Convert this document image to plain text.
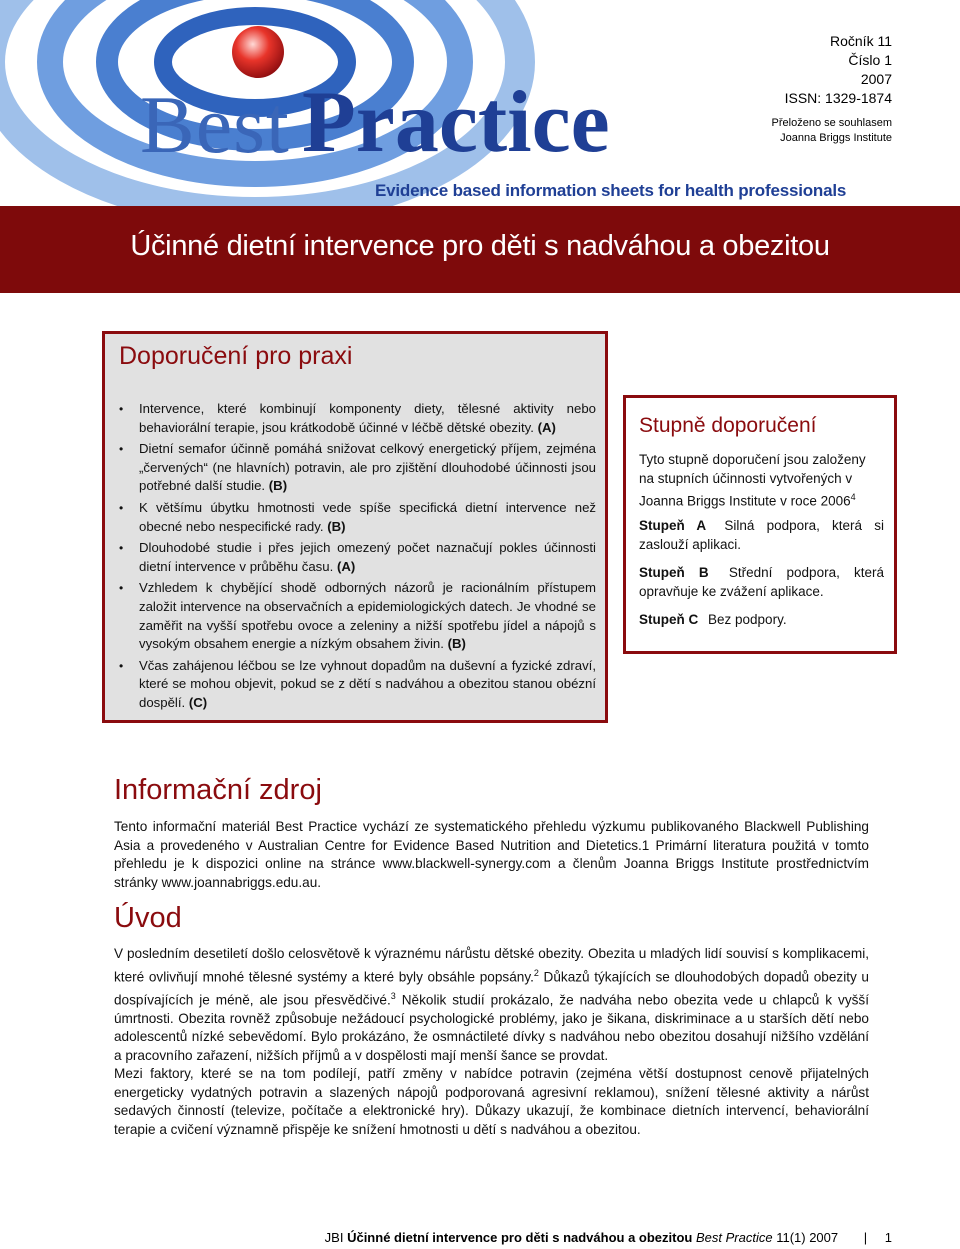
Best Practice
Evidence based information sheets for health professionals
Ročník 11
Číslo 1
2007
ISSN: 1329-1874
Přeloženo se souhlasem
Joanna Briggs Institute
Účinné dietní intervence pro děti s nadváhou a obezitou
Doporučení pro praxi
• Intervence, které kombinují komponenty diety, tělesné aktivity nebo behaviorální terapie, jsou krátkodobě účinné v léčbě dětské obezity. (A)
• Dietní semafor účinně pomáhá snižovat celkový energetický příjem, zejména „červených“ (ne hlavních) potravin, ale pro zjištění dlouhodobé účinnosti jsou potřebné další studie. (B)
• K většímu úbytku hmotnosti vede spíše specifická dietní intervence než obecné nebo nespecifické rady. (B)
• Dlouhodobé studie i přes jejich omezený počet naznačují pokles účinnosti dietní intervence v průběhu času. (A)
• Vzhledem k chybějící shodě odborných názorů je racionálním přístupem založit intervence na observačních a epidemiologických datech. Je vhodné se zaměřit na vyšší spotřebu ovoce a zeleniny a nižší spotřebu jídel a nápojů s vysokým obsahem energie a nízkým obsahem živin. (B)
• Včas zahájenou léčbou se lze vyhnout dopadům na duševní a fyzické zdraví, které se mohou objevit, pokud se z dětí s nadváhou a obezitou stanou obézní dospělí. (C)
Stupně doporučení
Tyto stupně doporučení jsou založeny na stupních účinnosti vytvořených v Joanna Briggs Institute v roce 2006$^4$
Stupeň A Silná podpora, která si zaslouží aplikaci.
Stupeň B Střední podpora, která opravňuje ke zvážení aplikace.
Stupeň C Bez podpory.
Informační zdroj
Tento informační materiál Best Practice vychází ze systematického přehledu výzkumu publikovaného Blackwell Publishing Asia a provedeného v Australian Centre for Evidence Based Nutrition and Dietetics.1 Primární literatura použitá v tomto přehledu je k dispozici online na stránce www.blackwell-synergy.com a členům Joanna Briggs Institute prostřednictvím stránky www.joannabriggs.edu.au.
Úvod
V posledním desetiletí došlo celosvětově k výraznému nárůstu dětské obezity. Obezita u mladých lidí souvisí s komplikacemi, které ovlivňují mnohé tělesné systémy a které byly obsáhle popsány.$^2$ Důkazů týkajících se dlouhodobých dopadů obezity u dospívajících je méně, ale jsou přesvědčivé.$^3$ Několik studií prokázalo, že nadváha nebo obezita vede u chlapců k vyšší úmrtnosti. Obezita rovněž způsobuje nežádoucí psychologické problémy, jako je šikana, diskriminace a u starších dětí nebo adolescentů nízké sebevědomí. Bylo prokázáno, že osmnáctileté dívky s nadváhou nebo obezitou dosahují nižšího vzdělání a pracovního zařazení, nižších příjmů a v dospělosti mají menší šance se provdat.
Mezi faktory, které se na tom podílejí, patří změny v nabídce potravin (zejména větší dostupnost cenově přijatelných energeticky vydatných potravin a slazených nápojů podporovaná agresivní reklamou), snížení tělesné aktivity a nárůst sedavých činností (televize, počítače a elektronické hry). Důkazy ukazují, že kombinace dietních intervencí, behaviorální terapie a cvičení významně přispěje ke snížení hmotnosti u dětí s nadváhou a obezitou.
JBI Účinné dietní intervence pro děti s nadváhou a obezitou Best Practice 11(1) 2007 | 1
